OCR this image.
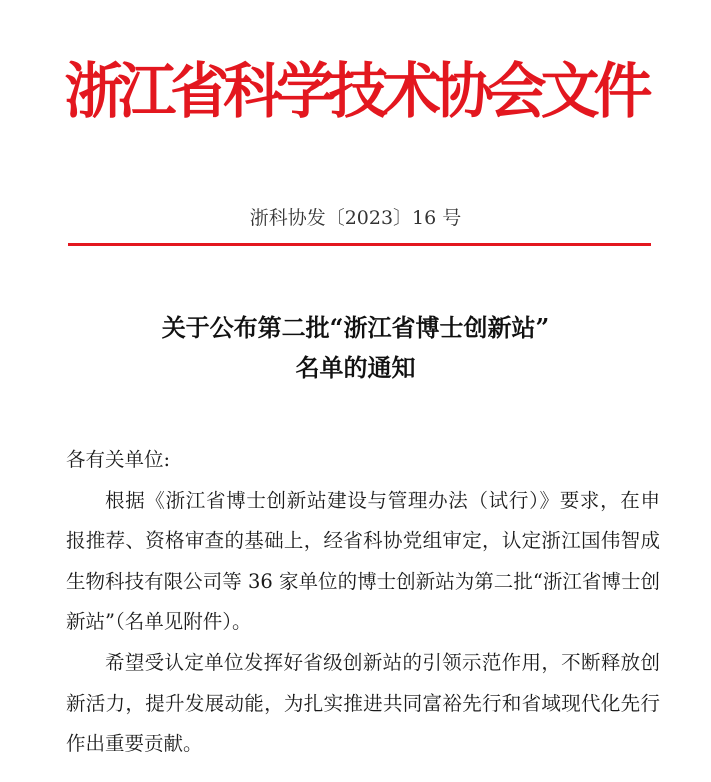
浙江省科学技术协会文件
浙科协发〔2023〕16 号
关于公布第二批“浙江省博士创新站”
名单的通知

各有关单位:

根据《浙江省博士创新站建设与管理办法（试行）》要求，在申报推荐、资格审查的基础上，经省科协党组审定，认定浙江国伟智成生物科技有限公司等 36 家单位的博士创新站为第二批“浙江省博士创新站”（名单见附件）。

希望受认定单位发挥好省级创新站的引领示范作用，不断释放创新活力，提升发展动能，为扎实推进共同富裕先行和省域现代化先行作出重要贡献。
